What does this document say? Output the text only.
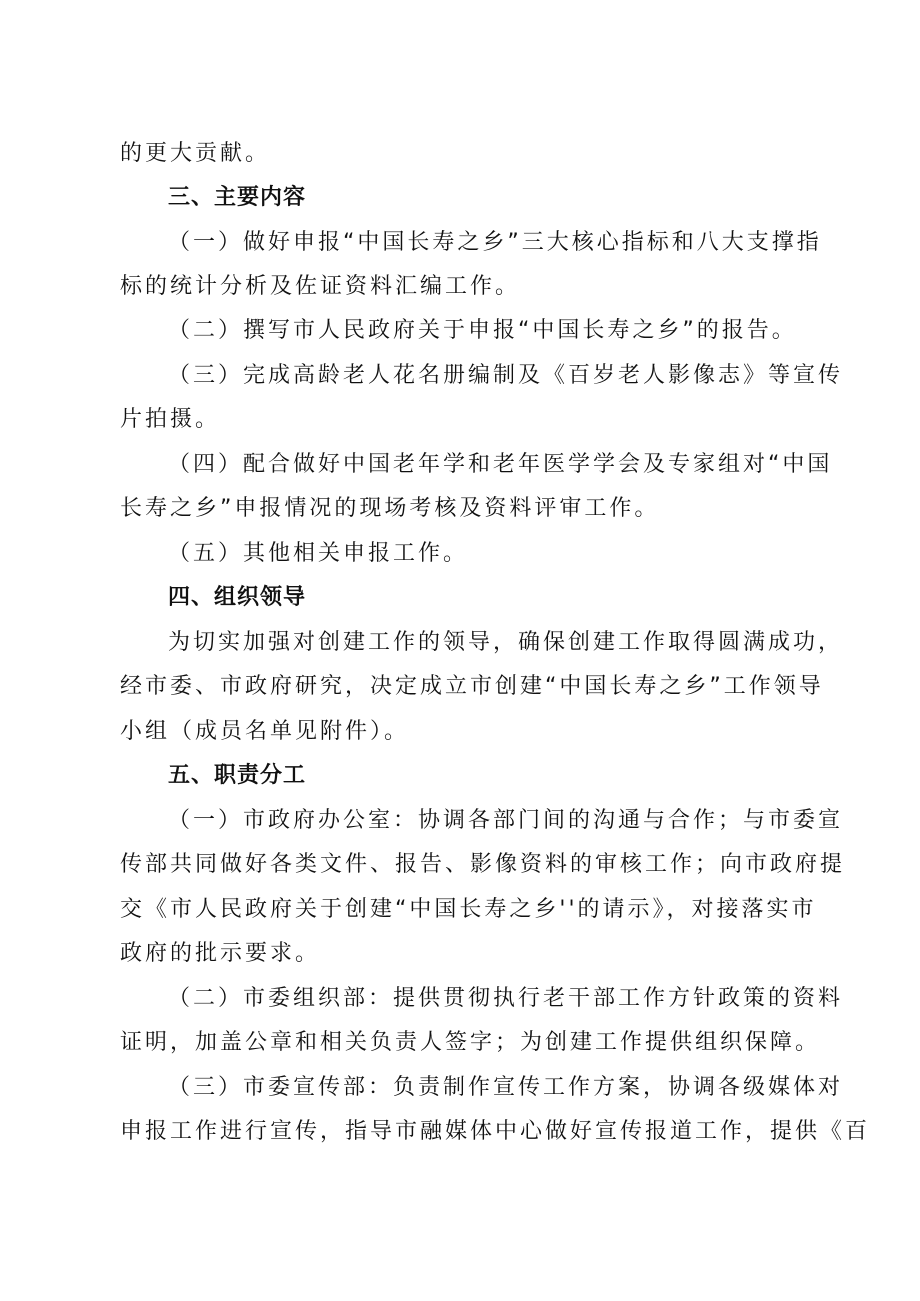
的更大贡献。
三、主要内容
（一）做好申报“中国长寿之乡”三大核心指标和八大支撑指
标的统计分析及佐证资料汇编工作。
（二）撰写市人民政府关于申报“中国长寿之乡”的报告。
（三）完成高龄老人花名册编制及《百岁老人影像志》等宣传
片拍摄。
（四）配合做好中国老年学和老年医学学会及专家组对“中国
长寿之乡”申报情况的现场考核及资料评审工作。
（五）其他相关申报工作。
四、组织领导
为切实加强对创建工作的领导，确保创建工作取得圆满成功，
经市委、市政府研究，决定成立市创建“中国长寿之乡”工作领导
小组（成员名单见附件）。
五、职责分工
（一）市政府办公室：协调各部门间的沟通与合作；与市委宣
传部共同做好各类文件、报告、影像资料的审核工作；向市政府提
交《市人民政府关于创建“中国长寿之乡''的请示》，对接落实市
政府的批示要求。
（二）市委组织部：提供贯彻执行老干部工作方针政策的资料
证明，加盖公章和相关负责人签字；为创建工作提供组织保障。
（三）市委宣传部：负责制作宣传工作方案，协调各级媒体对
申报工作进行宣传，指导市融媒体中心做好宣传报道工作，提供《百
